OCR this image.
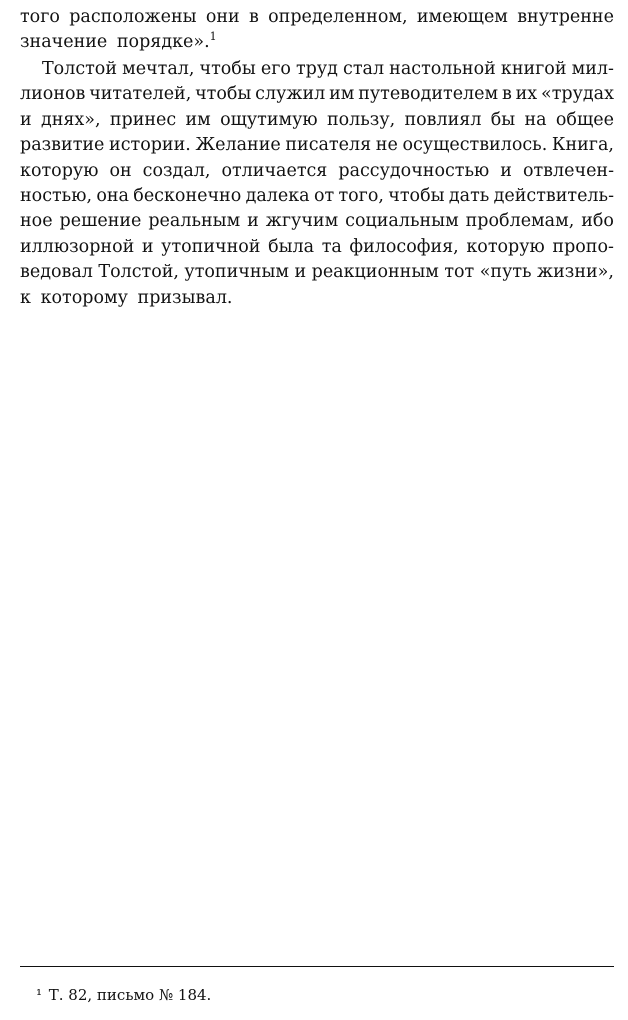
того расположены они в определенном, имеющем внутренне
значение порядке».$^1$
Толстой мечтал, чтобы его труд стал настольной книгой мил-
лионов читателей, чтобы служил им путеводителем в их «трудах
и днях», принес им ощутимую пользу, повлиял бы на общее
развитие истории. Желание писателя не осуществилось. Книга,
которую он создал, отличается рассудочностью и отвлечен-
ностью, она бесконечно далека от того, чтобы дать действитель-
ное решение реальным и жгучим социальным проблемам, ибо
иллюзорной и утопичной была та философия, которую пропо-
ведовал Толстой, утопичным и реакционным тот «путь жизни»,
к которому призывал.
¹ Т. 82, письмо № 184.
